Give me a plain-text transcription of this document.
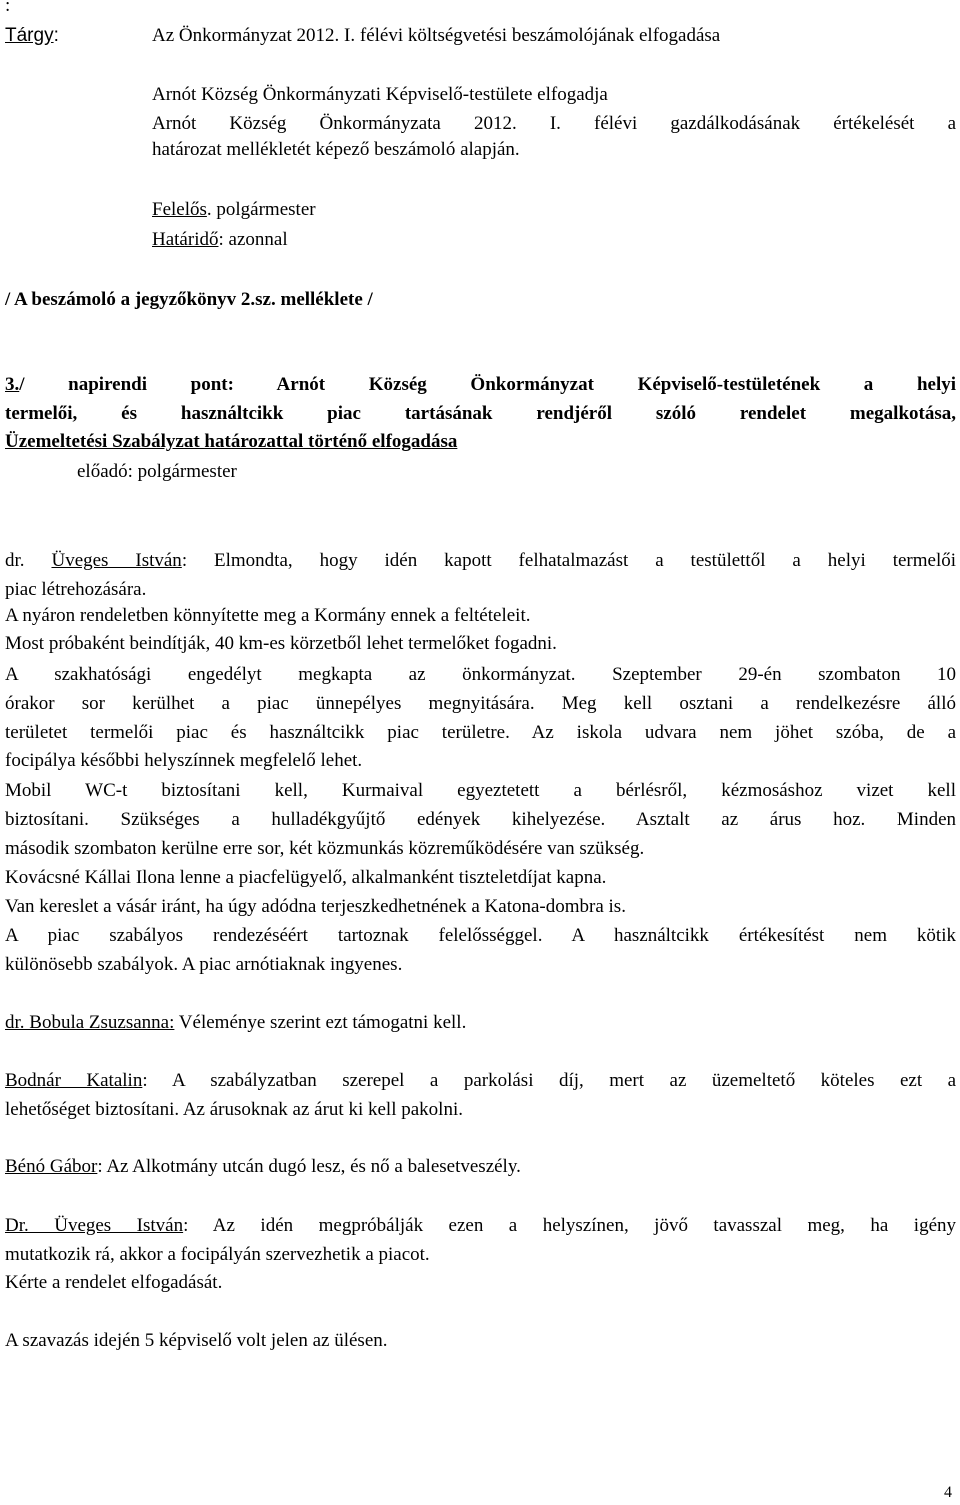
:
Tárgy:	Az Önkormányzat 2012. I. félévi költségvetési beszámolójának elfogadása
Arnót Község Önkormányzati Képviselő-testülete elfogadja
Arnót Község Önkormányzata 2012. I. félévi gazdálkodásának értékelését a
határozat mellékletét képező beszámoló alapján.
Felelős. polgármester
Határidő: azonnal
/ A beszámoló a jegyzőkönyv 2.sz. melléklete /
3./ napirendi pont: Arnót Község Önkormányzat Képviselő-testületének a helyi
termelői, és használtcikk piac tartásának rendjéről szóló rendelet megalkotása,
Üzemeltetési Szabályzat határozattal történő elfogadása
előadó: polgármester
dr. Üveges István: Elmondta, hogy idén kapott felhatalmazást a testülettől a helyi termelői
piac létrehozására.
A nyáron rendeletben könnyítette meg a Kormány ennek a feltételeit.
Most próbaként beindítják, 40 km-es körzetből lehet termelőket fogadni.
A szakhatósági engedélyt megkapta az önkormányzat. Szeptember 29-én szombaton 10
órakor sor kerülhet a piac ünnepélyes megnyitására. Meg kell osztani a rendelkezésre álló
területet termelői piac és használtcikk piac területre. Az iskola udvara nem jöhet szóba, de a
focipálya későbbi helyszínnek megfelelő lehet.
Mobil WC-t biztosítani kell, Kurmaival egyeztetett a bérlésről, kézmosáshoz vizet kell
biztosítani. Szükséges a hulladékgyűjtő edények kihelyezése. Asztalt az árus hoz. Minden
második szombaton kerülne erre sor, két közmunkás közreműködésére van szükség.
Kovácsné Kállai Ilona lenne a piacfelügyelő, alkalmanként tiszteletdíjat kapna.
Van kereslet a vásár iránt, ha úgy adódna terjeszkedhetnének a Katona-dombra is.
A piac szabályos rendezéséért tartoznak felelősséggel. A használtcikk értékesítést nem kötik
különösebb szabályok. A piac arnótiaknak ingyenes.
dr. Bobula Zsuzsanna: Véleménye szerint ezt támogatni kell.
Bodnár Katalin: A szabályzatban szerepel a parkolási díj, mert az üzemeltető köteles ezt a
lehetőséget biztosítani. Az árusoknak az árut ki kell pakolni.
Bénó Gábor: Az Alkotmány utcán dugó lesz, és nő a balesetveszély.
Dr. Üveges István: Az idén megpróbálják ezen a helyszínen, jövő tavasszal meg, ha igény
mutatkozik rá, akkor a focipályán szervezhetik a piacot.
Kérte a rendelet elfogadását.
A szavazás idején 5 képviselő volt jelen az ülésen.
4
